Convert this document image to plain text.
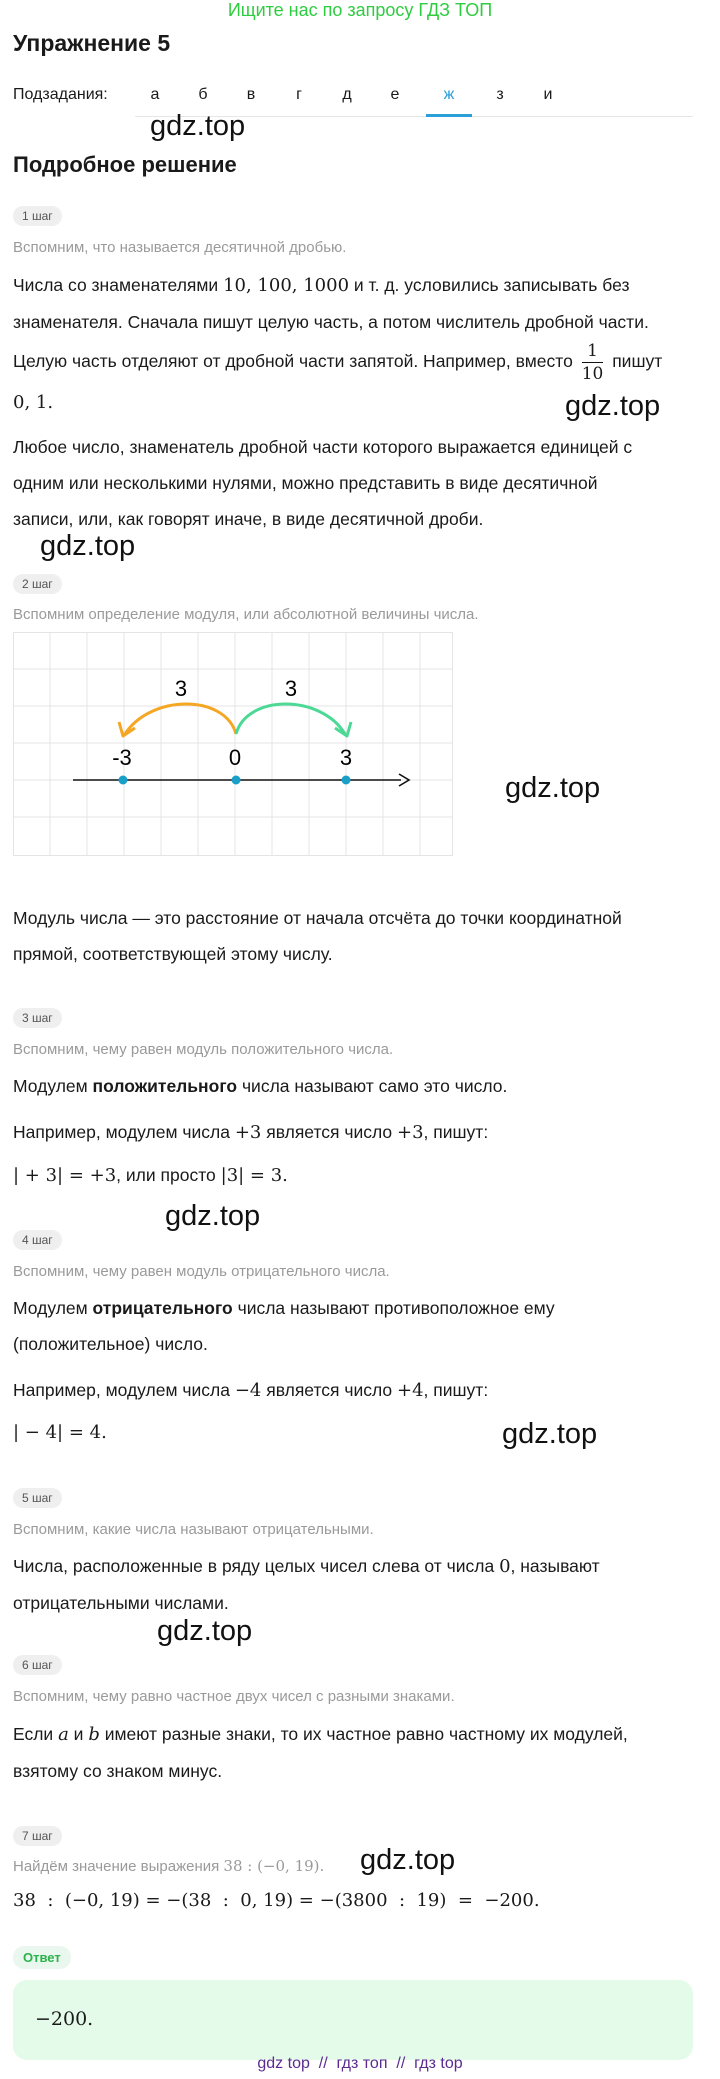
Ищите нас по запросу ГДЗ ТОП
Упражнение 5
Подзадания:	а	б	в	г	д	е	ж	з	и
gdz.top
Подробное решение
1 шаг
Вспомним, что называется десятичной дробью.
Числа со знаменателями 10, 100, 1000 и т. д. условились записывать без
знаменателя. Сначала пишут целую часть, а потом числитель дробной части.
Целую часть отделяют от дробной части запятой. Например, вместо $\frac{1}{10}$ пишут
0, 1.	gdz.top
Любое число, знаменатель дробной части которого выражается единицей с
одним или несколькими нулями, можно представить в виде десятичной
записи, или, как говорят иначе, в виде десятичной дроби.
gdz.top
2 шаг
Вспомним определение модуля, или абсолютной величины числа.
3	3
-3	0	3
gdz.top
Модуль числа — это расстояние от начала отсчёта до точки координатной
прямой, соответствующей этому числу.
3 шаг
Вспомним, чему равен модуль положительного числа.
Модулем положительного числа называют само это число.
Например, модулем числа +3 является число +3, пишут:
| + 3| = +3, или просто |3| = 3.
gdz.top
4 шаг
Вспомним, чему равен модуль отрицательного числа.
Модулем отрицательного числа называют противоположное ему
(положительное) число.
Например, модулем числа −4 является число +4, пишут:
| − 4| = 4.	gdz.top
5 шаг
Вспомним, какие числа называют отрицательными.
Числа, расположенные в ряду целых чисел слева от числа 0, называют
отрицательными числами.
gdz.top
6 шаг
Вспомним, чему равно частное двух чисел с разными знаками.
Если a и b имеют разные знаки, то их частное равно частному их модулей,
взятому со знаком минус.
7 шаг
Найдём значение выражения 38 : (−0, 19). gdz.top
38  :  (−0, 19) = −(38  :  0, 19) = −(3800  :  19)  =  −200.
Ответ
−200.
gdz top  //  гдз топ  //  гдз top
